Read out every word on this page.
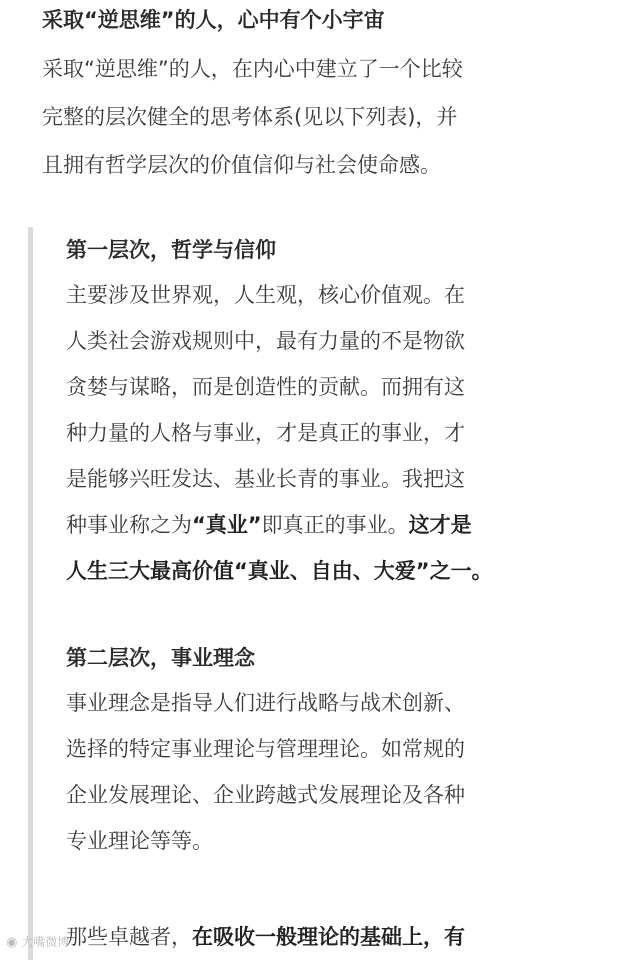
采取“逆思维”的人，心中有个小宇宙
采取“逆思维”的人，在内心中建立了一个比较
完整的层次健全的思考体系(见以下列表)，并
且拥有哲学层次的价值信仰与社会使命感。
第一层次，哲学与信仰
主要涉及世界观，人生观，核心价值观。在
人类社会游戏规则中，最有力量的不是物欲
贪婪与谋略，而是创造性的贡献。而拥有这
种力量的人格与事业，才是真正的事业，才
是能够兴旺发达、基业长青的事业。我把这
种事业称之为“真业”即真正的事业。这才是
人生三大最高价值“真业、自由、大爱”之一。
第二层次，事业理念
事业理念是指导人们进行战略与战术创新、
选择的特定事业理论与管理理论。如常规的
企业发展理论、企业跨越式发展理论及各种
专业理论等等。
那些卓越者，在吸收一般理论的基础上，有
◉ 大嘴微博
